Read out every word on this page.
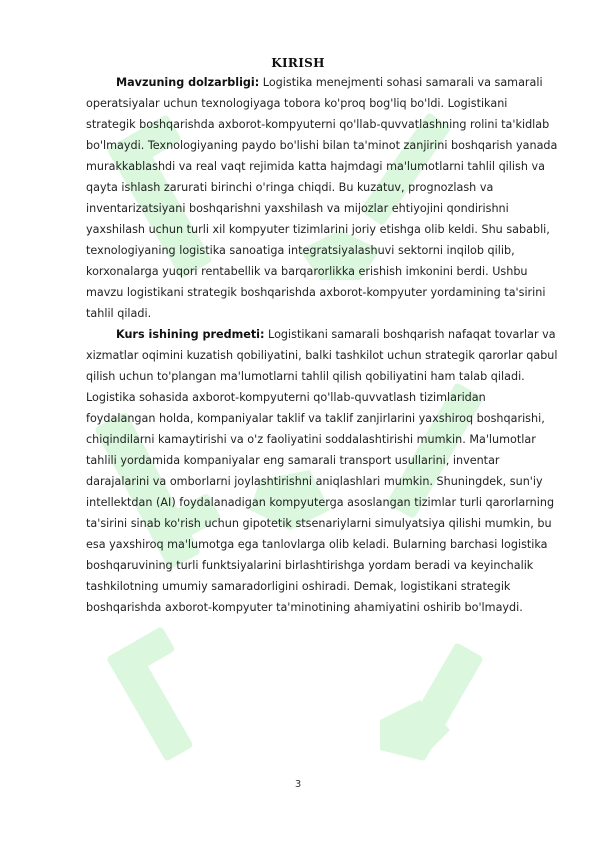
KIRISH

Mavzuning dolzarbligi: Logistika menejmenti sohasi samarali va samarali operatsiyalar uchun texnologiyaga tobora ko'proq bog'liq bo'ldi. Logistikani strategik boshqarishda axborot-kompyuterni qo'llab-quvvatlashning rolini ta'kidlab bo'lmaydi. Texnologiyaning paydo bo'lishi bilan ta'minot zanjirini boshqarish yanada murakkablashdi va real vaqt rejimida katta hajmdagi ma'lumotlarni tahlil qilish va qayta ishlash zarurati birinchi o'ringa chiqdi. Bu kuzatuv, prognozlash va inventarizatsiyani boshqarishni yaxshilash va mijozlar ehtiyojini qondirishni yaxshilash uchun turli xil kompyuter tizimlarini joriy etishga olib keldi. Shu sababli, texnologiyaning logistika sanoatiga integratsiyalashuvi sektorni inqilob qilib, korxonalarga yuqori rentabellik va barqarorlikka erishish imkonini berdi. Ushbu mavzu logistikani strategik boshqarishda axborot-kompyuter yordamining ta'sirini tahlil qiladi.

Kurs ishining predmeti: Logistikani samarali boshqarish nafaqat tovarlar va xizmatlar oqimini kuzatish qobiliyatini, balki tashkilot uchun strategik qarorlar qabul qilish uchun to'plangan ma'lumotlarni tahlil qilish qobiliyatini ham talab qiladi. Logistika sohasida axborot-kompyuterni qo'llab-quvvatlash tizimlaridan foydalangan holda, kompaniyalar taklif va taklif zanjirlarini yaxshiroq boshqarishi, chiqindilarni kamaytirishi va o'z faoliyatini soddalashtirishi mumkin. Ma'lumotlar tahlili yordamida kompaniyalar eng samarali transport usullarini, inventar darajalarini va omborlarni joylashtirishni aniqlashlari mumkin. Shuningdek, sun'iy intellektdan (AI) foydalanadigan kompyuterga asoslangan tizimlar turli qarorlarning ta'sirini sinab ko'rish uchun gipotetik stsenariylarni simulyatsiya qilishi mumkin, bu esa yaxshiroq ma'lumotga ega tanlovlarga olib keladi. Bularning barchasi logistika boshqaruvining turli funktsiyalarini birlashtirishga yordam beradi va keyinchalik tashkilotning umumiy samaradorligini oshiradi. Demak, logistikani strategik boshqarishda axborot-kompyuter ta'minotining ahamiyatini oshirib bo'lmaydi.

3
